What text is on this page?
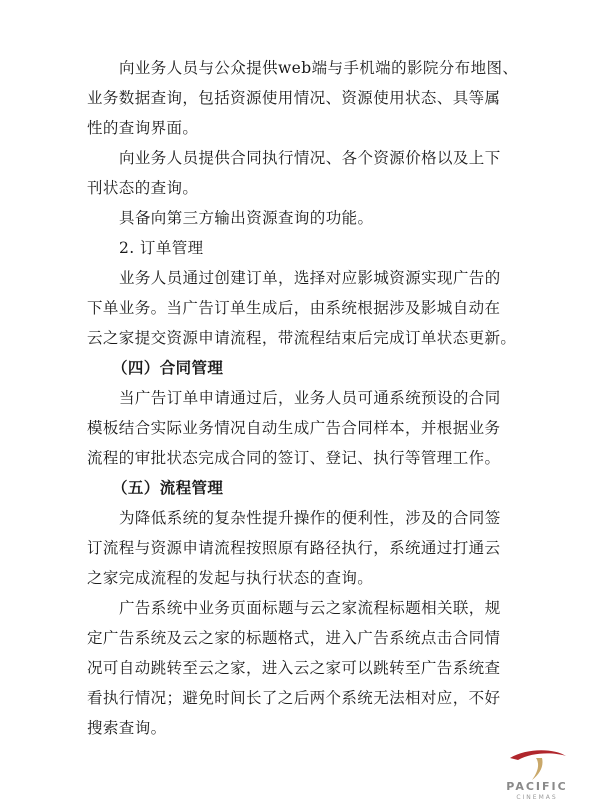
向业务人员与公众提供web端与手机端的影院分布地图、
业务数据查询，包括资源使用情况、资源使用状态、具等属
性的查询界面。
向业务人员提供合同执行情况、各个资源价格以及上下
刊状态的查询。
具备向第三方输出资源查询的功能。
2. 订单管理
业务人员通过创建订单，选择对应影城资源实现广告的
下单业务。当广告订单生成后，由系统根据涉及影城自动在
云之家提交资源申请流程，带流程结束后完成订单状态更新。
（四）合同管理
当广告订单申请通过后，业务人员可通系统预设的合同
模板结合实际业务情况自动生成广告合同样本，并根据业务
流程的审批状态完成合同的签订、登记、执行等管理工作。
（五）流程管理
为降低系统的复杂性提升操作的便利性，涉及的合同签
订流程与资源申请流程按照原有路径执行，系统通过打通云
之家完成流程的发起与执行状态的查询。
广告系统中业务页面标题与云之家流程标题相关联，规
定广告系统及云之家的标题格式，进入广告系统点击合同情
况可自动跳转至云之家，进入云之家可以跳转至广告系统查
看执行情况；避免时间长了之后两个系统无法相对应，不好
搜索查询。
PACIFIC
CINEMAS
